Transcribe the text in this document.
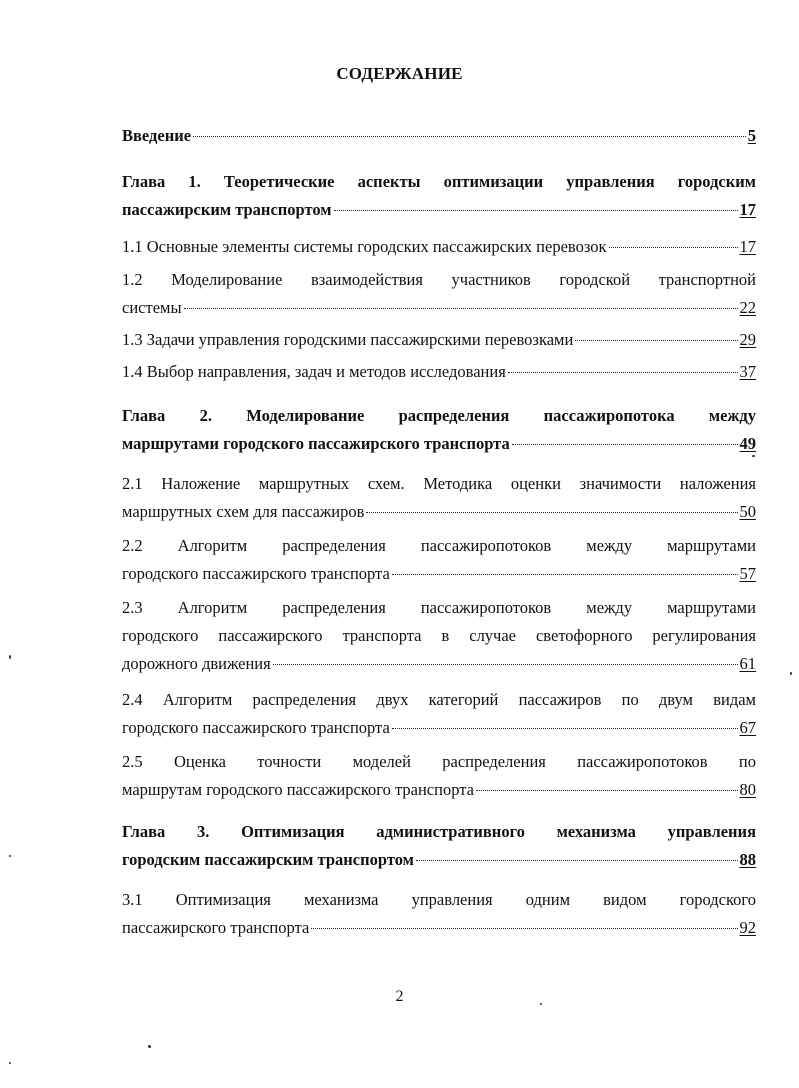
СОДЕРЖАНИЕ
Введение	5
Глава 1. Теоретические аспекты оптимизации управления городским
пассажирским транспортом	17
1.1 Основные элементы системы городских пассажирских перевозок	17
1.2 Моделирование взаимодействия участников городской транспортной
системы	22
1.3 Задачи управления городскими пассажирскими перевозками	29
1.4 Выбор направления, задач и методов исследования	37
Глава 2. Моделирование распределения пассажиропотока между
маршрутами городского пассажирского транспорта	49
2.1 Наложение маршрутных схем. Методика оценки значимости наложения
маршрутных схем для пассажиров	50
2.2 Алгоритм распределения пассажиропотоков между маршрутами
городского пассажирского транспорта	57
2.3 Алгоритм распределения пассажиропотоков между маршрутами
городского пассажирского транспорта в случае светофорного регулирования
дорожного движения	61
2.4 Алгоритм распределения двух категорий пассажиров по двум видам
городского пассажирского транспорта	67
2.5 Оценка точности моделей распределения пассажиропотоков по
маршрутам городского пассажирского транспорта	80
Глава 3. Оптимизация административного механизма управления
городским пассажирским транспортом	88
3.1 Оптимизация механизма управления одним видом городского
пассажирского транспорта	92
2
